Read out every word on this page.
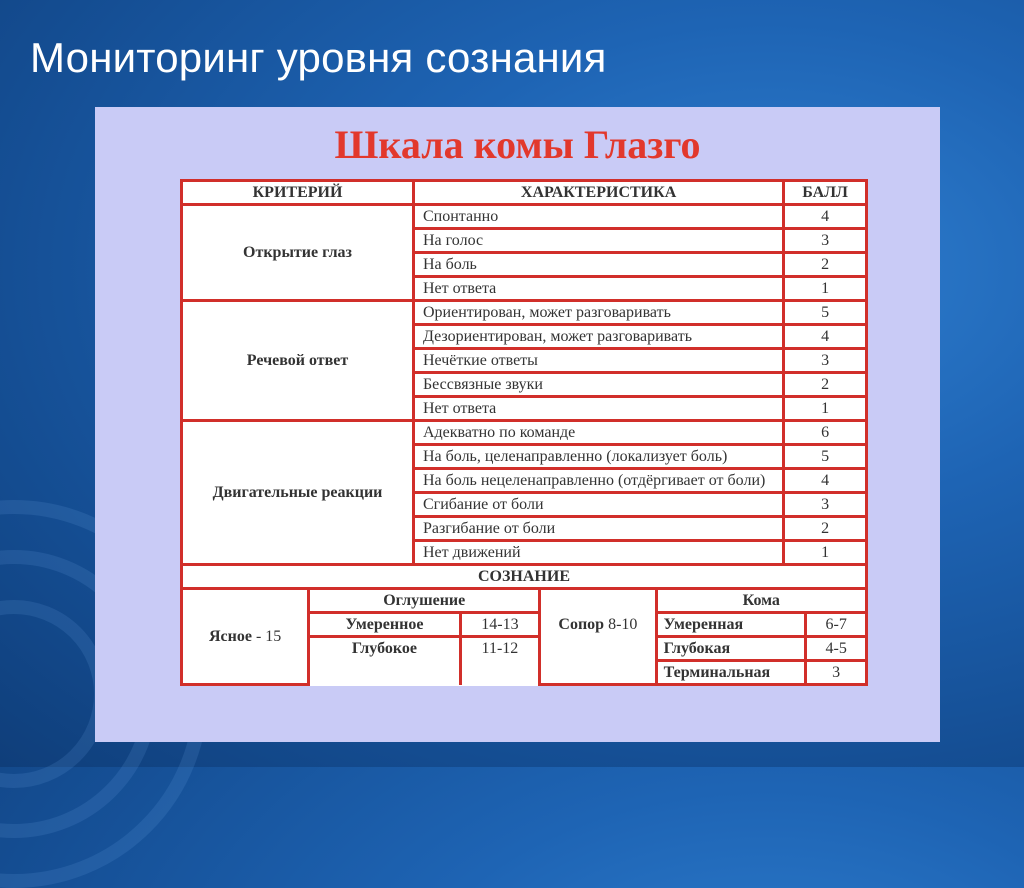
Мониторинг уровня сознания
Шкала комы Глазго
КРИТЕРИЙ	ХАРАКТЕРИСТИКА	БАЛЛ
Открытие глаз	Спонтанно	4
	На голос	3
	На боль	2
	Нет ответа	1
Речевой ответ	Ориентирован, может разговаривать	5
	Дезориентирован, может разговаривать	4
	Нечёткие ответы	3
	Бессвязные звуки	2
	Нет ответа	1
Двигательные реакции	Адекватно по команде	6
	На боль, целенаправленно (локализует боль)	5
	На боль нецеленаправленно (отдёргивает от боли)	4
	Сгибание от боли	3
	Разгибание от боли	2
	Нет движений	1
СОЗНАНИЕ		
Ясное - 15	Оглушение		Сопор 8-10	Кома	
	Умеренное	14-13		Умеренная	6-7
	Глубокое	11-12		Глубокая	4-5
				Терминальная	3
